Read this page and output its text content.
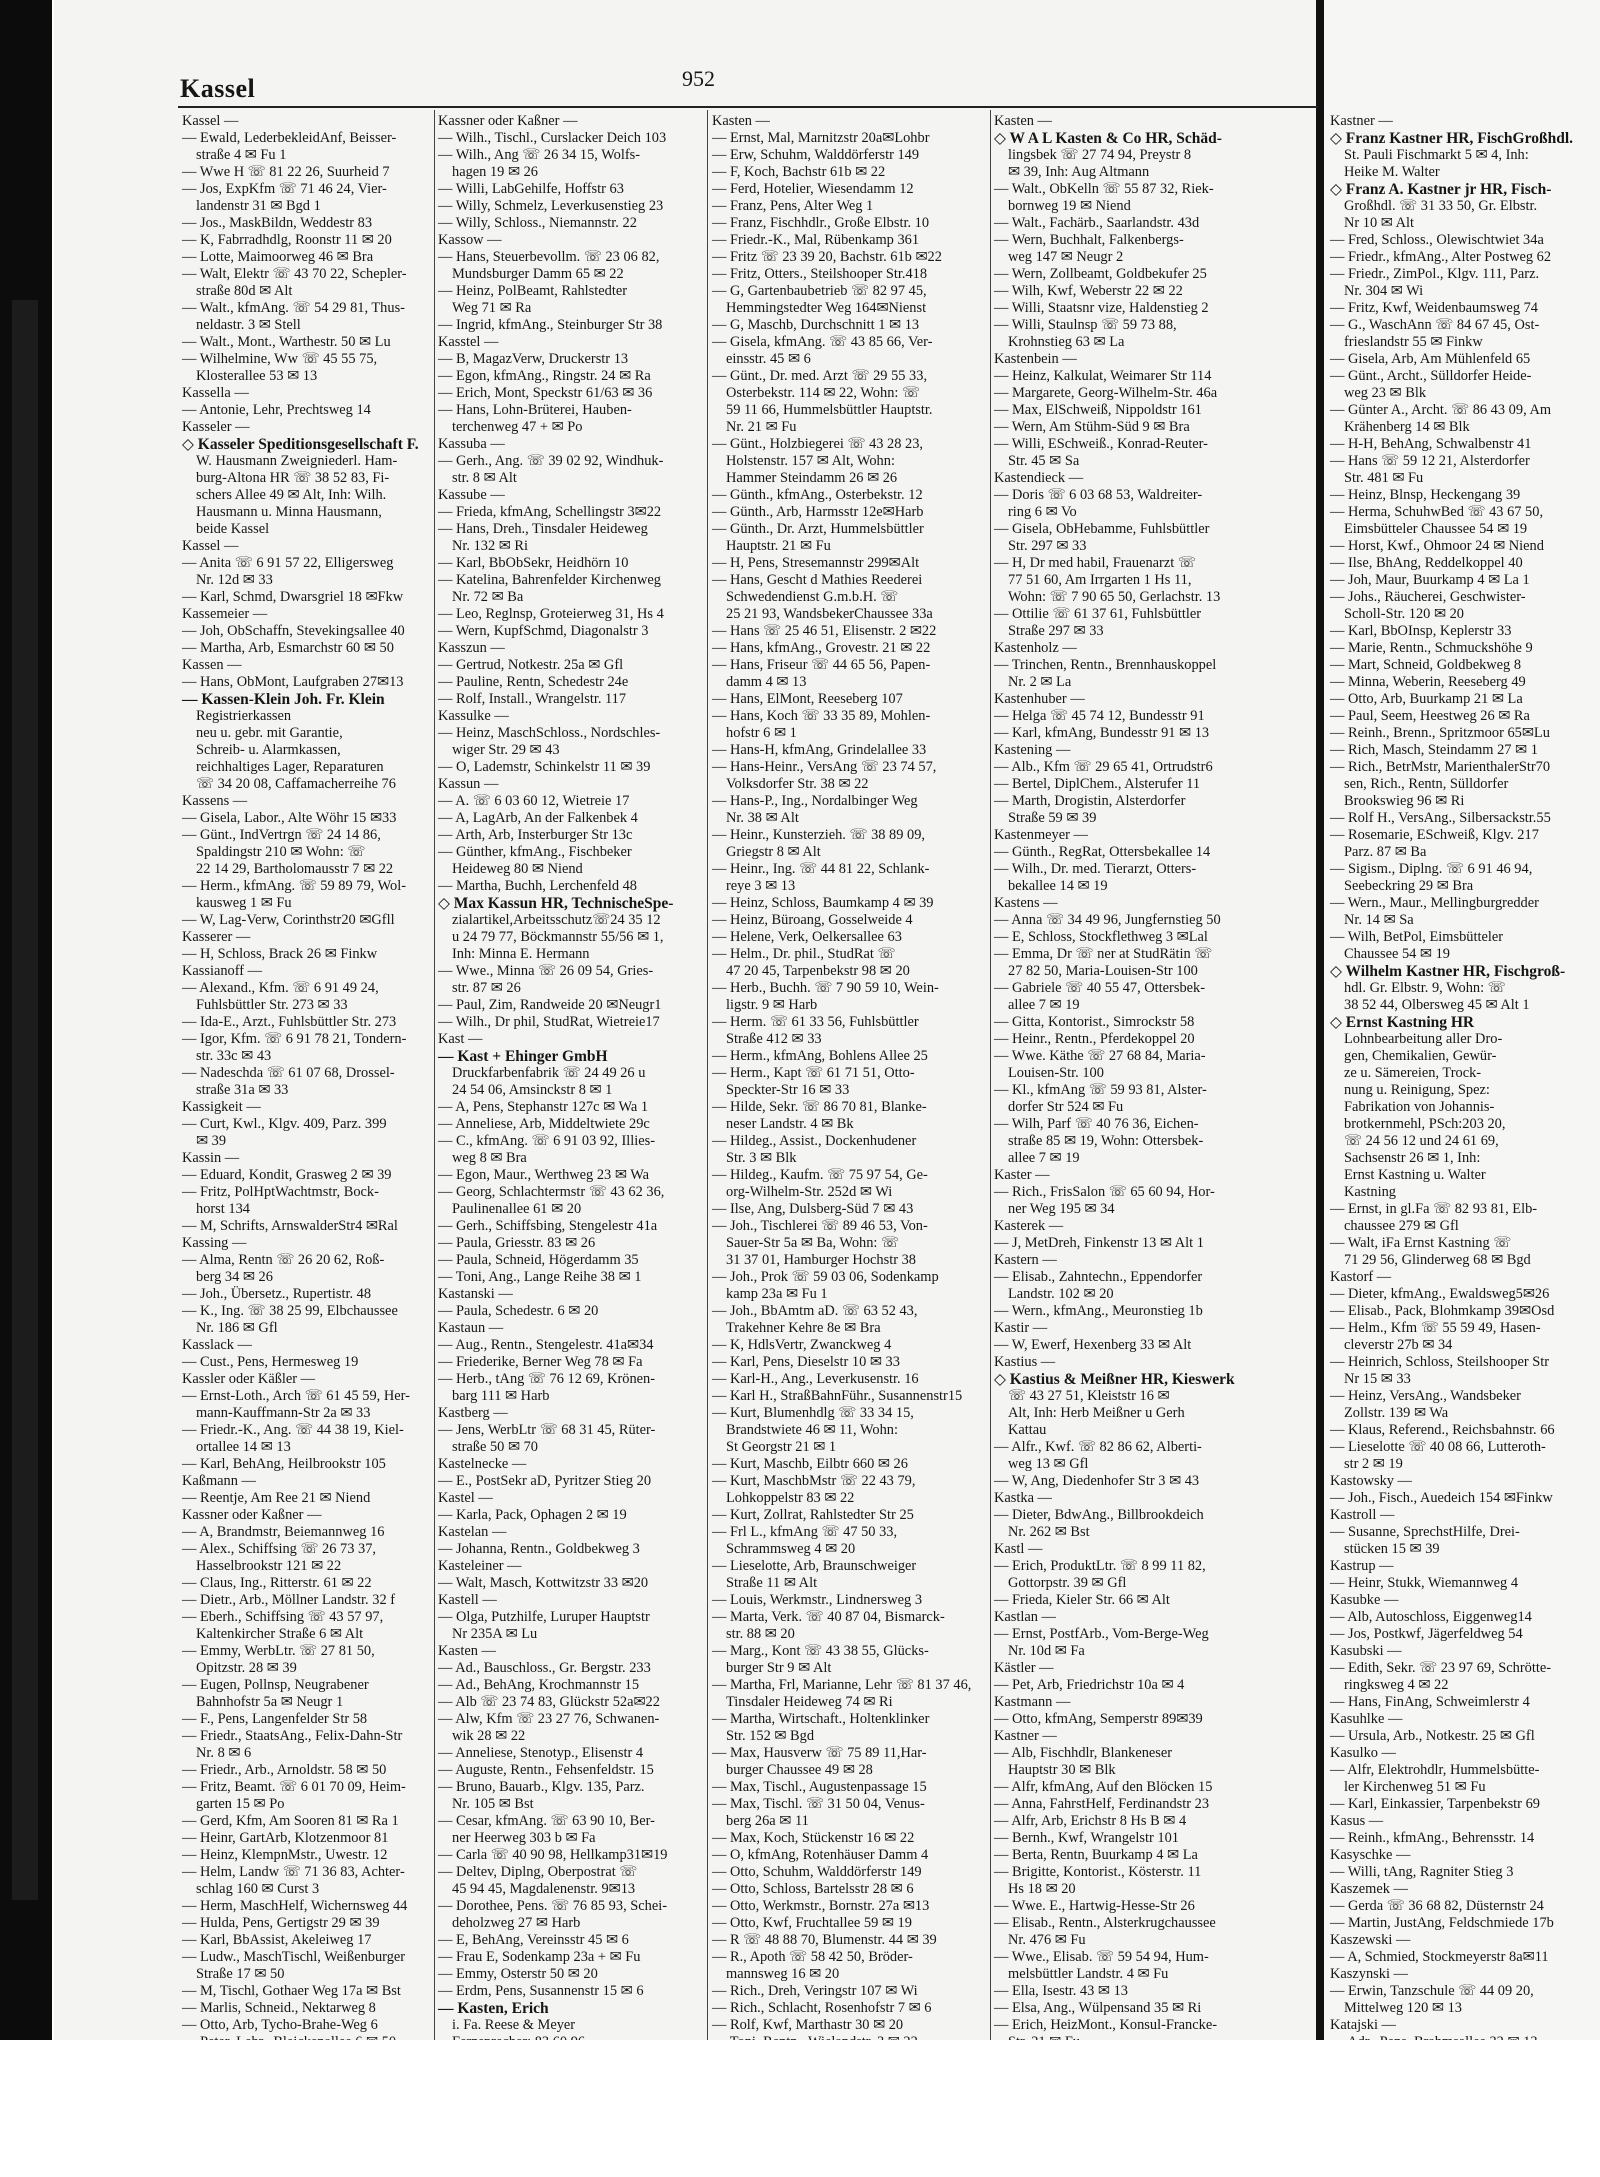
Kassel	952
Kassel —
— Ewald, LederbekleidAnf, Beisser-
straße 4 ✉ Fu 1
— Wwe H ☏ 81 22 26, Suurheid 7
— Jos, ExpKfm ☏ 71 46 24, Vier-
landenstr 31 ✉ Bgd 1
— Jos., MaskBildn, Weddestr 83
— K, Fabrradhdlg, Roonstr 11 ✉ 20
— Lotte, Maimoorweg 46 ✉ Bra
— Walt, Elektr ☏ 43 70 22, Schepler-
straße 80d ✉ Alt
— Walt., kfmAng. ☏ 54 29 81, Thus-
neldastr. 3 ✉ Stell
— Walt., Mont., Warthestr. 50 ✉ Lu
— Wilhelmine, Ww ☏ 45 55 75,
Klosterallee 53 ✉ 13
Kassella —
— Antonie, Lehr, Prechtsweg 14
Kasseler —
◇ Kasseler Speditionsgesellschaft F.
W. Hausmann Zweigniederl. Ham-
burg-Altona HR ☏ 38 52 83, Fi-
schers Allee 49 ✉ Alt, Inh: Wilh.
Hausmann u. Minna Hausmann,
beide Kassel
Kassel —
— Anita ☏ 6 91 57 22, Elligersweg
Nr. 12d ✉ 33
— Karl, Schmd, Dwarsgriel 18 ✉Fkw
Kassemeier —
— Joh, ObSchaffn, Stevekingsallee 40
— Martha, Arb, Esmarchstr 60 ✉ 50
Kassen —
— Hans, ObMont, Laufgraben 27✉13
— Kassen-Klein Joh. Fr. Klein
Registrierkassen
neu u. gebr. mit Garantie,
Schreib- u. Alarmkassen,
reichhaltiges Lager, Reparaturen
☏ 34 20 08, Caffamacherreihe 76
Kassens —
— Gisela, Labor., Alte Wöhr 15 ✉33
— Günt., IndVertrgn ☏ 24 14 86,
Spaldingstr 210 ✉ Wohn: ☏
22 14 29, Bartholomausstr 7 ✉ 22
— Herm., kfmAng. ☏ 59 89 79, Wol-
kausweg 1 ✉ Fu
— W, Lag-Verw, Corinthstr20 ✉Gfll
Kasserer —
— H, Schloss, Brack 26 ✉ Finkw
Kassianoff —
— Alexand., Kfm. ☏ 6 91 49 24,
Fuhlsbüttler Str. 273 ✉ 33
— Ida-E., Arzt., Fuhlsbüttler Str. 273
— Igor, Kfm. ☏ 6 91 78 21, Tondern-
str. 33c ✉ 43
— Nadeschda ☏ 61 07 68, Drossel-
straße 31a ✉ 33
Kassigkeit —
— Curt, Kwl., Klgv. 409, Parz. 399
✉ 39
Kassin —
— Eduard, Kondit, Grasweg 2 ✉ 39
— Fritz, PolHptWachtmstr, Bock-
horst 134
— M, Schrifts, ArnswalderStr4 ✉Ral
Kassing —
— Alma, Rentn ☏ 26 20 62, Roß-
berg 34 ✉ 26
— Joh., Übersetz., Rupertistr. 48
— K., Ing. ☏ 38 25 99, Elbchaussee
Nr. 186 ✉ Gfl
Kasslack —
— Cust., Pens, Hermesweg 19
Kassler oder Käßler —
— Ernst-Loth., Arch ☏ 61 45 59, Her-
mann-Kauffmann-Str 2a ✉ 33
— Friedr.-K., Ang. ☏ 44 38 19, Kiel-
ortallee 14 ✉ 13
— Karl, BehAng, Heilbrookstr 105
Kaßmann —
— Reentje, Am Ree 21 ✉ Niend
Kassner oder Kaßner —
— A, Brandmstr, Beiemannweg 16
— Alex., Schiffsing ☏ 26 73 37,
Hasselbrookstr 121 ✉ 22
— Claus, Ing., Ritterstr. 61 ✉ 22
— Dietr., Arb., Möllner Landstr. 32 f
— Eberh., Schiffsing ☏ 43 57 97,
Kaltenkircher Straße 6 ✉ Alt
— Emmy, WerbLtr. ☏ 27 81 50,
Opitzstr. 28 ✉ 39
— Eugen, Pollnsp, Neugrabener
Bahnhofstr 5a ✉ Neugr 1
— F., Pens, Langenfelder Str 58
— Friedr., StaatsAng., Felix-Dahn-Str
Nr. 8 ✉ 6
— Friedr., Arb., Arnoldstr. 58 ✉ 50
— Fritz, Beamt. ☏ 6 01 70 09, Heim-
garten 15 ✉ Po
— Gerd, Kfm, Am Sooren 81 ✉ Ra 1
— Heinr, GartArb, Klotzenmoor 81
— Heinz, KlempnMstr., Uwestr. 12
— Helm, Landw ☏ 71 36 83, Achter-
schlag 160 ✉ Curst 3
— Herm, MaschHelf, Wichernsweg 44
— Hulda, Pens, Gertigstr 29 ✉ 39
— Karl, BbAssist, Akeleiweg 17
— Ludw., MaschTischl, Weißenburger
Straße 17 ✉ 50
— M, Tischl, Gothaer Weg 17a ✉ Bst
— Marlis, Schneid., Nektarweg 8
— Otto, Arb, Tycho-Brahe-Weg 6
Kassner oder Kaßner —
— Wilh., Tischl., Curslacker Deich 103
— Wilh., Ang ☏ 26 34 15, Wolfs-
hagen 19 ✉ 26
— Willi, LabGehilfe, Hoffstr 63
— Willy, Schmelz, Leverkusenstieg 23
— Willy, Schloss., Niemannstr. 22
Kassow —
— Hans, Steuerbevollm. ☏ 23 06 82,
Mundsburger Damm 65 ✉ 22
— Heinz, PolBeamt, Rahlstedter
Weg 71 ✉ Ra
— Ingrid, kfmAng., Steinburger Str 38
Kasstel —
— B, MagazVerw, Druckerstr 13
— Egon, kfmAng., Ringstr. 24 ✉ Ra
— Erich, Mont, Speckstr 61/63 ✉ 36
— Hans, Lohn-Brüterei, Hauben-
terchenweg 47 + ✉ Po
Kassuba —
— Gerh., Ang. ☏ 39 02 92, Windhuk-
str. 8 ✉ Alt
Kassube —
— Frieda, kfmAng, Schellingstr 3✉22
— Hans, Dreh., Tinsdaler Heideweg
Nr. 132 ✉ Ri
— Karl, BbObSekr, Heidhörn 10
— Katelina, Bahrenfelder Kirchenweg
Nr. 72 ✉ Ba
— Leo, Reglnsp, Groteierweg 31, Hs 4
— Wern, KupfSchmd, Diagonalstr 3
Kasszun —
— Gertrud, Notkestr. 25a ✉ Gfl
— Pauline, Rentn, Schedestr 24e
— Rolf, Install., Wrangelstr. 117
Kassulke —
— Heinz, MaschSchloss., Nordschles-
wiger Str. 29 ✉ 43
— O, Lademstr, Schinkelstr 11 ✉ 39
Kassun —
— A. ☏ 6 03 60 12, Wietreie 17
— A, LagArb, An der Falkenbek 4
— Arth, Arb, Insterburger Str 13c
— Günther, kfmAng., Fischbeker
Heideweg 80 ✉ Niend
— Martha, Buchh, Lerchenfeld 48
◇ Max Kassun HR, TechnischeSpe-
zialartikel,Arbeitsschutz☏24 35 12
u 24 79 77, Böckmannstr 55/56 ✉ 1,
Inh: Minna E. Hermann
— Wwe., Minna ☏ 26 09 54, Gries-
str. 87 ✉ 26
— Paul, Zim, Randweide 20 ✉Neugr1
— Wilh., Dr phil, StudRat, Wietreie17
Kast —
— Kast + Ehinger GmbH
Druckfarbenfabrik ☏ 24 49 26 u
24 54 06, Amsinckstr 8 ✉ 1
— A, Pens, Stephanstr 127c ✉ Wa 1
— Anneliese, Arb, Middeltwiete 29c
— C., kfmAng. ☏ 6 91 03 92, Illies-
weg 8 ✉ Bra
— Egon, Maur., Werthweg 23 ✉ Wa
— Georg, Schlachtermstr ☏ 43 62 36,
Paulinenallee 61 ✉ 20
— Gerh., Schiffsbing, Stengelestr 41a
— Paula, Griesstr. 83 ✉ 26
— Paula, Schneid, Högerdamm 35
— Toni, Ang., Lange Reihe 38 ✉ 1
Kastanski —
— Paula, Schedestr. 6 ✉ 20
Kastaun —
— Aug., Rentn., Stengelestr. 41a✉34
— Friederike, Berner Weg 78 ✉ Fa
— Herb., tAng ☏ 76 12 69, Krönen-
barg 111 ✉ Harb
Kastberg —
— Jens, WerbLtr ☏ 68 31 45, Rüter-
straße 50 ✉ 70
Kastelnecke —
— E., PostSekr aD, Pyritzer Stieg 20
Kastel —
— Karla, Pack, Ophagen 2 ✉ 19
Kastelan —
— Johanna, Rentn., Goldbekweg 3
Kasteleiner —
— Walt, Masch, Kottwitzstr 33 ✉20
Kastell —
— Olga, Putzhilfe, Luruper Hauptstr
Nr 235A ✉ Lu
Kasten —
— Ad., Bauschloss., Gr. Bergstr. 233
— Ad., BehAng, Krochmannstr 15
— Alb ☏ 23 74 83, Glückstr 52a✉22
— Alw, Kfm ☏ 23 27 76, Schwanen-
wik 28 ✉ 22
— Anneliese, Stenotyp., Elisenstr 4
— Auguste, Rentn., Fehsenfeldstr. 15
— Bruno, Bauarb., Klgv. 135, Parz.
Nr. 105 ✉ Bst
— Cesar, kfmAng. ☏ 63 90 10, Ber-
ner Heerweg 303 b ✉ Fa
— Carla ☏ 40 90 98, Hellkamp31✉19
— Deltev, Diplng, Oberpostrat ☏
45 94 45, Magdalenenstr. 9✉13
— Dorothee, Pens. ☏ 76 85 93, Schei-
deholzweg 27 ✉ Harb
— E, BehAng, Vereinsstr 45 ✉ 6
— Frau E, Sodenkamp 23a + ✉ Fu
— Emmy, Osterstr 50 ✉ 20
— Erdm, Pens, Susannenstr 15 ✉ 6
— Kasten, Erich
i. Fa. Reese & Meyer
Kasten —
— Ernst, Mal, Marnitzstr 20a✉Lohbr
— Erw, Schuhm, Walddörferstr 149
— F, Koch, Bachstr 61b ✉ 22
— Ferd, Hotelier, Wiesendamm 12
— Franz, Pens, Alter Weg 1
— Franz, Fischhdlr., Große Elbstr. 10
— Friedr.-K., Mal, Rübenkamp 361
— Fritz ☏ 23 39 20, Bachstr. 61b ✉22
— Fritz, Otters., Steilshooper Str.418
— G, Gartenbaubetrieb ☏ 82 97 45,
Hemmingstedter Weg 164✉Nienst
— G, Maschb, Durchschnitt 1 ✉ 13
— Gisela, kfmAng. ☏ 43 85 66, Ver-
einsstr. 45 ✉ 6
— Günt., Dr. med. Arzt ☏ 29 55 33,
Osterbekstr. 114 ✉ 22, Wohn: ☏
59 11 66, Hummelsbüttler Hauptstr.
Nr. 21 ✉ Fu
— Günt., Holzbiegerei ☏ 43 28 23,
Holstenstr. 157 ✉ Alt, Wohn:
Hammer Steindamm 26 ✉ 26
— Günth., kfmAng., Osterbekstr. 12
— Günth., Arb, Harmsstr 12e✉Harb
— Günth., Dr. Arzt, Hummelsbüttler
Hauptstr. 21 ✉ Fu
— H, Pens, Stresemannstr 299✉Alt
— Hans, Gescht d Mathies Reederei
Schwedendienst G.m.b.H. ☏
25 21 93, WandsbekerChaussee 33a
— Hans ☏ 25 46 51, Elisenstr. 2 ✉22
— Hans, kfmAng., Grovestr. 21 ✉ 22
— Hans, Friseur ☏ 44 65 56, Papen-
damm 4 ✉ 13
— Hans, ElMont, Reeseberg 107
— Hans, Koch ☏ 33 35 89, Mohlen-
hofstr 6 ✉ 1
— Hans-H, kfmAng, Grindelallee 33
— Hans-Heinr., VersAng ☏ 23 74 57,
Volksdorfer Str. 38 ✉ 22
— Hans-P., Ing., Nordalbinger Weg
Nr. 38 ✉ Alt
— Heinr., Kunsterzieh. ☏ 38 89 09,
Griegstr 8 ✉ Alt
— Heinr., Ing. ☏ 44 81 22, Schlank-
reye 3 ✉ 13
— Heinz, Schloss, Baumkamp 4 ✉ 39
— Heinz, Büroang, Gosselweide 4
— Helene, Verk, Oelkersallee 63
— Helm., Dr. phil., StudRat ☏
47 20 45, Tarpenbekstr 98 ✉ 20
— Herb., Buchh. ☏ 7 90 59 10, Wein-
ligstr. 9 ✉ Harb
— Herm. ☏ 61 33 56, Fuhlsbüttler
Straße 412 ✉ 33
— Herm., kfmAng, Bohlens Allee 25
— Herm., Kapt ☏ 61 71 51, Otto-
Speckter-Str 16 ✉ 33
— Hilde, Sekr. ☏ 86 70 81, Blanke-
neser Landstr. 4 ✉ Bk
— Hildeg., Assist., Dockenhudener
Str. 3 ✉ Blk
— Hildeg., Kaufm. ☏ 75 97 54, Ge-
org-Wilhelm-Str. 252d ✉ Wi
— Ilse, Ang, Dulsberg-Süd 7 ✉ 43
— Joh., Tischlerei ☏ 89 46 53, Von-
Sauer-Str 5a ✉ Ba, Wohn: ☏
31 37 01, Hamburger Hochstr 38
— Joh., Prok ☏ 59 03 06, Sodenkamp
kamp 23a ✉ Fu 1
— Joh., BbAmtm aD. ☏ 63 52 43,
Trakehner Kehre 8e ✉ Bra
— K, HdlsVertr, Zwanckweg 4
— Karl, Pens, Dieselstr 10 ✉ 33
— Karl-H., Ang., Leverkusenstr. 16
— Karl H., StraßBahnFühr., Susannenstr15
— Kurt, Blumenhdlg ☏ 33 34 15,
Brandstwiete 46 ✉ 11, Wohn:
St Georgstr 21 ✉ 1
— Kurt, Maschb, Eilbtr 660 ✉ 26
— Kurt, MaschbMstr ☏ 22 43 79,
Lohkoppelstr 83 ✉ 22
— Kurt, Zollrat, Rahlstedter Str 25
— Frl L., kfmAng ☏ 47 50 33,
Schrammsweg 4 ✉ 20
— Lieselotte, Arb, Braunschweiger
Straße 11 ✉ Alt
— Louis, Werkmstr., Lindnersweg 3
— Marta, Verk. ☏ 40 87 04, Bismarck-
str. 88 ✉ 20
— Marg., Kont ☏ 43 38 55, Glücks-
burger Str 9 ✉ Alt
— Martha, Frl, Marianne, Lehr ☏ 81 37 46,
Tinsdaler Heideweg 74 ✉ Ri
— Martha, Wirtschaft., Holtenklinker
Str. 152 ✉ Bgd
— Max, Hausverw ☏ 75 89 11,Har-
burger Chaussee 49 ✉ 28
— Max, Tischl., Augustenpassage 15
— Max, Tischl. ☏ 31 50 04, Venus-
berg 26a ✉ 11
— Max, Koch, Stückenstr 16 ✉ 22
— O, kfmAng, Rotenhäuser Damm 4
— Otto, Schuhm, Walddörferstr 149
— Otto, Schloss, Bartelsstr 28 ✉ 6
— Otto, Werkmstr., Bornstr. 27a ✉13
— Otto, Kwf, Fruchtallee 59 ✉ 19
— R ☏ 48 88 70, Blumenstr. 44 ✉ 39
— R., Apoth ☏ 58 42 50, Bröder-
mannsweg 16 ✉ 20
— Rich., Dreh, Veringstr 107 ✉ Wi
— Rich., Schlacht, Rosenhofstr 7 ✉ 6
— Rolf, Kwf, Marthastr 30 ✉ 20
Kasten —
◇ W A L Kasten & Co HR, Schäd-
lingsbek ☏ 27 74 94, Preystr 8
✉ 39, Inh: Aug Altmann
— Walt., ObKelln ☏ 55 87 32, Riek-
bornweg 19 ✉ Niend
— Walt., Fachärb., Saarlandstr. 43d
— Wern, Buchhalt, Falkenbergs-
weg 147 ✉ Neugr 2
— Wern, Zollbeamt, Goldbekufer 25
— Wilh, Kwf, Weberstr 22 ✉ 22
— Willi, Staatsnr vize, Haldenstieg 2
— Willi, Staulnsp ☏ 59 73 88,
Krohnstieg 63 ✉ La
Kastenbein —
— Heinz, Kalkulat, Weimarer Str 114
— Margarete, Georg-Wilhelm-Str. 46a
— Max, ElSchweiß, Nippoldstr 161
— Wern, Am Stühm-Süd 9 ✉ Bra
— Willi, ESchweiß., Konrad-Reuter-
Str. 45 ✉ Sa
Kastendieck —
— Doris ☏ 6 03 68 53, Waldreiter-
ring 6 ✉ Vo
— Gisela, ObHebamme, Fuhlsbüttler
Str. 297 ✉ 33
— H, Dr med habil, Frauenarzt ☏
77 51 60, Am Irrgarten 1 Hs 11,
Wohn: ☏ 7 90 65 50, Gerlachstr. 13
— Ottilie ☏ 61 37 61, Fuhlsbüttler
Straße 297 ✉ 33
Kastenholz —
— Trinchen, Rentn., Brennhauskoppel
Nr. 2 ✉ La
Kastenhuber —
— Helga ☏ 45 74 12, Bundesstr 91
— Karl, kfmAng, Bundesstr 91 ✉ 13
Kastening —
— Alb., Kfm ☏ 29 65 41, Ortrudstr6
— Bertel, DiplChem., Alsterufer 11
— Marth, Drogistin, Alsterdorfer
Straße 59 ✉ 39
Kastenmeyer —
— Günth., RegRat, Ottersbekallee 14
— Wilh., Dr. med. Tierarzt, Otters-
bekallee 14 ✉ 19
Kastens —
— Anna ☏ 34 49 96, Jungfernstieg 50
— E, Schloss, Stockflethweg 3 ✉Lal
— Emma, Dr ☏ ner at StudRätin ☏
27 82 50, Maria-Louisen-Str 100
— Gabriele ☏ 40 55 47, Ottersbek-
allee 7 ✉ 19
— Gitta, Kontorist., Simrockstr 58
— Heinr., Rentn., Pferdekoppel 20
— Wwe. Käthe ☏ 27 68 84, Maria-
Louisen-Str. 100
— Kl., kfmAng ☏ 59 93 81, Alster-
dorfer Str 524 ✉ Fu
— Wilh, Parf ☏ 40 76 36, Eichen-
straße 85 ✉ 19, Wohn: Ottersbek-
allee 7 ✉ 19
Kaster —
— Rich., FrisSalon ☏ 65 60 94, Hor-
ner Weg 195 ✉ 34
Kasterek —
— J, MetDreh, Finkenstr 13 ✉ Alt 1
Kastern —
— Elisab., Zahntechn., Eppendorfer
Landstr. 102 ✉ 20
— Wern., kfmAng., Meuronstieg 1b
Kastir —
— W, Ewerf, Hexenberg 33 ✉ Alt
Kastius —
◇ Kastius & Meißner HR, Kieswerk
☏ 43 27 51, Kleiststr 16 ✉
Alt, Inh: Herb Meißner u Gerh
Kattau
— Alfr., Kwf. ☏ 82 86 62, Alberti-
weg 13 ✉ Gfl
— W, Ang, Diedenhofer Str 3 ✉ 43
Kastka —
— Dieter, BdwAng., Billbrookdeich
Nr. 262 ✉ Bst
Kastl —
— Erich, ProduktLtr. ☏ 8 99 11 82,
Gottorpstr. 39 ✉ Gfl
— Frieda, Kieler Str. 66 ✉ Alt
Kastlan —
— Ernst, PostfArb., Vom-Berge-Weg
Nr. 10d ✉ Fa
Kästler —
— Pet, Arb, Friedrichstr 10a ✉ 4
Kastmann —
— Otto, kfmAng, Semperstr 89✉39
Kastner —
— Alb, Fischhdlr, Blankeneser
Hauptstr 30 ✉ Blk
— Alfr, kfmAng, Auf den Blöcken 15
— Anna, FahrstHelf, Ferdinandstr 23
— Alfr, Arb, Erichstr 8 Hs B ✉ 4
— Bernh., Kwf, Wrangelstr 101
— Berta, Rentn, Buurkamp 4 ✉ La
— Brigitte, Kontorist., Kösterstr. 11
Hs 18 ✉ 20
— Wwe. E., Hartwig-Hesse-Str 26
— Elisab., Rentn., Alsterkrugchaussee
Nr. 476 ✉ Fu
— Wwe., Elisab. ☏ 59 54 94, Hum-
melsbüttler Landstr. 4 ✉ Fu
— Ella, Isestr. 43 ✉ 13
— Elsa, Ang., Wülpensand 35 ✉ Ri
— Erich, HeizMont., Konsul-Francke-
Kastner —
◇ Franz Kastner HR, FischGroßhdl.
St. Pauli Fischmarkt 5 ✉ 4, Inh:
Heike M. Walter
◇ Franz A. Kastner jr HR, Fisch-
Großhdl. ☏ 31 33 50, Gr. Elbstr.
Nr 10 ✉ Alt
— Fred, Schloss., Olewischtwiet 34a
— Friedr., kfmAng., Alter Postweg 62
— Friedr., ZimPol., Klgv. 111, Parz.
Nr. 304 ✉ Wi
— Fritz, Kwf, Weidenbaumsweg 74
— G., WaschAnn ☏ 84 67 45, Ost-
frieslandstr 55 ✉ Finkw
— Gisela, Arb, Am Mühlenfeld 65
— Günt., Archt., Sülldorfer Heide-
weg 23 ✉ Blk
— Günter A., Archt. ☏ 86 43 09, Am
Krähenberg 14 ✉ Blk
— H-H, BehAng, Schwalbenstr 41
— Hans ☏ 59 12 21, Alsterdorfer
Str. 481 ✉ Fu
— Heinz, Blnsp, Heckengang 39
— Herma, SchuhwBed ☏ 43 67 50,
Eimsbütteler Chaussee 54 ✉ 19
— Horst, Kwf., Ohmoor 24 ✉ Niend
— Ilse, BhAng, Reddelkoppel 40
— Joh, Maur, Buurkamp 4 ✉ La 1
— Johs., Räucherei, Geschwister-
Scholl-Str. 120 ✉ 20
— Karl, BbOInsp, Keplerstr 33
— Marie, Rentn., Schmuckshöhe 9
— Mart, Schneid, Goldbekweg 8
— Minna, Weberin, Reeseberg 49
— Otto, Arb, Buurkamp 21 ✉ La
— Paul, Seem, Heestweg 26 ✉ Ra
— Reinh., Brenn., Spritzmoor 65✉Lu
— Rich, Masch, Steindamm 27 ✉ 1
— Rich., BetrMstr, MarienthalerStr70
sen, Rich., Rentn, Sülldorfer
Brookswieg 96 ✉ Ri
— Rolf H., VersAng., Silbersackstr.55
— Rosemarie, ESchweiß, Klgv. 217
Parz. 87 ✉ Ba
— Sigism., Diplng. ☏ 6 91 46 94,
Seebeckring 29 ✉ Bra
— Wern., Maur., Mellingburgredder
Nr. 14 ✉ Sa
— Wilh, BetPol, Eimsbütteler
Chaussee 54 ✉ 19
◇ Wilhelm Kastner HR, Fischgroß-
hdl. Gr. Elbstr. 9, Wohn: ☏
38 52 44, Olbersweg 45 ✉ Alt 1
◇ Ernst Kastning HR
Lohnbearbeitung aller Dro-
gen, Chemikalien, Gewür-
ze u. Sämereien, Trock-
nung u. Reinigung, Spez:
Fabrikation von Johannis-
brotkernmehl, PSch:203 20,
☏ 24 56 12 und 24 61 69,
Sachsenstr 26 ✉ 1, Inh:
Ernst Kastning u. Walter
Kastning
— Ernst, in gl.Fa ☏ 82 93 81, Elb-
chaussee 279 ✉ Gfl
— Walt, iFa Ernst Kastning ☏
71 29 56, Glinderweg 68 ✉ Bgd
Kastorf —
— Dieter, kfmAng., Ewaldsweg5✉26
— Elisab., Pack, Blohmkamp 39✉Osd
— Helm., Kfm ☏ 55 59 49, Hasen-
cleverstr 27b ✉ 34
— Heinrich, Schloss, Steilshooper Str
Nr 15 ✉ 33
— Heinz, VersAng., Wandsbeker
Zollstr. 139 ✉ Wa
— Klaus, Referend., Reichsbahnstr. 66
— Lieselotte ☏ 40 08 66, Lutteroth-
str 2 ✉ 19
Kastowsky —
— Joh., Fisch., Auedeich 154 ✉Finkw
Kastroll —
— Susanne, SprechstHilfe, Drei-
stücken 15 ✉ 39
Kastrup —
— Heinr, Stukk, Wiemannweg 4
Kasubke —
— Alb, Autoschloss, Eiggenweg14
— Jos, Postkwf, Jägerfeldweg 54
Kasubski —
— Edith, Sekr. ☏ 23 97 69, Schrötte-
ringksweg 4 ✉ 22
— Hans, FinAng, Schweimlerstr 4
Kasuhlke —
— Ursula, Arb., Notkestr. 25 ✉ Gfl
Kasulko —
— Alfr, Elektrohdlr, Hummelsbütte-
ler Kirchenweg 51 ✉ Fu
— Karl, Einkassier, Tarpenbekstr 69
Kasus —
— Reinh., kfmAng., Behrensstr. 14
Kasyschke —
— Willi, tAng, Ragniter Stieg 3
Kaszemek —
— Gerda ☏ 36 68 82, Düsternstr 24
— Martin, JustAng, Feldschmiede 17b
Kaszewski —
— A, Schmied, Stockmeyerstr 8a✉11
Kaszynski —
— Erwin, Tanzschule ☏ 44 09 20,
Mittelweg 120 ✉ 13
Katajski —
